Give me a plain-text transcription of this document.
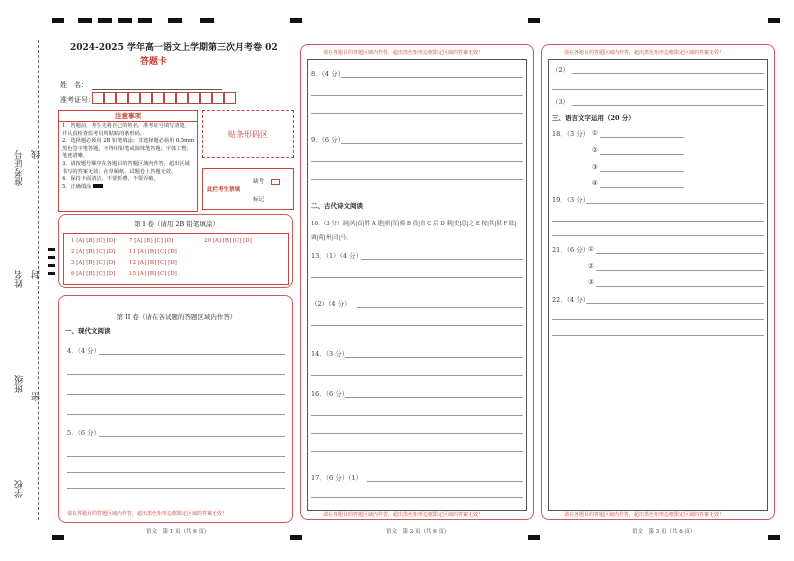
准考证号 线
姓名 封
班级
密
学校
2024-2025 学年高一语文上学期第三次月考卷 02
答题卡
姓　名：
准考证号：
注意事项

1．答题前，考生先将自己的姓名，准考证号填写清楚，并认真检查监考员所粘贴的条形码。

2．选择题必须用 2B 铅笔填涂；非选择题必须用 0.5mm 黑色签字笔答题，不得用铅笔或圆珠笔答题；字体工整、笔迹清晰。

3．请按题号顺序在各题目的答题区域内作答，超出区域书写的答案无效；在草稿纸、试题卷上答题无效。

4．保持卡面清洁，不要折叠、不要弄破。

5．正确填涂

贴条形码区
此栏考生禁填
缺考
标记
第 I 卷（请用 2B 铅笔填涂）
1 [A] [B] [C] [D] 7 [A] [B] [C] [D]	20 [A] [B] [C] [D]
2 [A] [B] [C] [D] 11 [A] [B] [C] [D]
3 [A] [B] [C] [D] 12 [A] [B] [C] [D]
6 [A] [B] [C] [D] 15 [A] [B] [C] [D]
第 II 卷（请在各试题的答题区域内作答）
一、现代文阅读
4．（4 分）
5．（6 分）
请在各题目的答题区域内作答，超出黑色矩形边框限定区域的答案无效！
语文　第 1 页（共 6 页）
请在各题目的答题区域内作答，超出黑色矩形边框限定区域的答案无效！
8．（4 分）
9．（6 分）
二、古代诗文阅读
10．（3 分）洞|风|首|姓 A 建|密|军|骑 B 役|直 C 后 D 刺|史|总|之 E 按|其|狱 F 眩|调|荷|州|司|马。
13．（1）（4 分）
（2）（4 分）
14．（3 分）
16．（6 分）
17．（6 分）（1）
请在各题目的答题区域内作答，超出黑色矩形边框限定区域的答案无效！
语文　第 2 页（共 6 页）
请在各题目的答题区域内作答，超出黑色矩形边框限定区域的答案无效！
（2）
（3）
三、语言文字运用（20 分）
18．（3 分） ①
②
③
④
19．（3 分）
21．（6 分）
①
②
③
22．（4 分）
请在各题目的答题区域内作答，超出黑色矩形边框限定区域的答案无效！
语文　第 3 页（共 6 页）
